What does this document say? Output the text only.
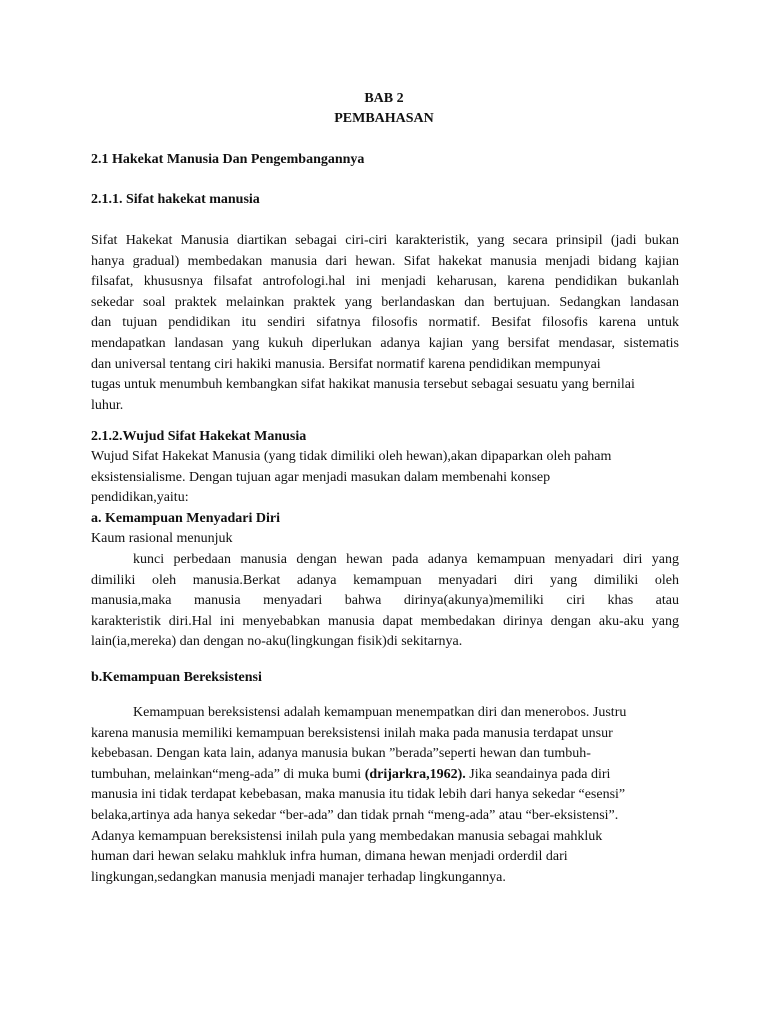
BAB 2
PEMBAHASAN
2.1 Hakekat Manusia Dan Pengembangannya
2.1.1. Sifat hakekat manusia
Sifat Hakekat Manusia diartikan sebagai ciri-ciri karakteristik, yang secara prinsipil (jadi bukan
hanya gradual) membedakan manusia dari hewan. Sifat hakekat manusia menjadi bidang kajian
filsafat, khususnya filsafat antrofologi.hal ini menjadi keharusan, karena pendidikan bukanlah
sekedar soal praktek melainkan praktek yang berlandaskan dan bertujuan. Sedangkan landasan
dan tujuan pendidikan itu sendiri sifatnya filosofis normatif. Besifat filosofis karena untuk
mendapatkan landasan yang kukuh diperlukan adanya kajian yang bersifat mendasar, sistematis
dan universal tentang ciri hakiki manusia. Bersifat normatif karena pendidikan mempunyai
tugas untuk menumbuh kembangkan sifat hakikat manusia tersebut sebagai sesuatu yang bernilai
luhur.
2.1.2.Wujud Sifat Hakekat Manusia
Wujud Sifat Hakekat Manusia (yang tidak dimiliki oleh hewan),akan dipaparkan oleh paham
eksistensialisme. Dengan tujuan agar menjadi masukan dalam membenahi konsep
pendidikan,yaitu:
a. Kemampuan Menyadari Diri
Kaum rasional menunjuk
kunci perbedaan manusia dengan hewan pada adanya kemampuan menyadari diri yang
dimiliki oleh manusia.Berkat adanya kemampuan menyadari diri yang dimiliki oleh
manusia,maka manusia menyadari bahwa dirinya(akunya)memiliki ciri khas atau
karakteristik diri.Hal ini menyebabkan manusia dapat membedakan dirinya dengan aku-aku yang
lain(ia,mereka) dan dengan no-aku(lingkungan fisik)di sekitarnya.
b.Kemampuan Bereksistensi
Kemampuan bereksistensi adalah kemampuan menempatkan diri dan menerobos. Justru
karena manusia memiliki kemampuan bereksistensi inilah maka pada manusia terdapat unsur
kebebasan. Dengan kata lain, adanya manusia bukan ”berada”seperti hewan dan tumbuh-
tumbuhan, melainkan“meng-ada” di muka bumi (drijarkra,1962). Jika seandainya pada diri
manusia ini tidak terdapat kebebasan, maka manusia itu tidak lebih dari hanya sekedar “esensi”
belaka,artinya ada hanya sekedar “ber-ada” dan tidak prnah “meng-ada” atau “ber-eksistensi”.
Adanya kemampuan bereksistensi inilah pula yang membedakan manusia sebagai mahkluk
human dari hewan selaku mahkluk infra human, dimana hewan menjadi orderdil dari
lingkungan,sedangkan manusia menjadi manajer terhadap lingkungannya.
